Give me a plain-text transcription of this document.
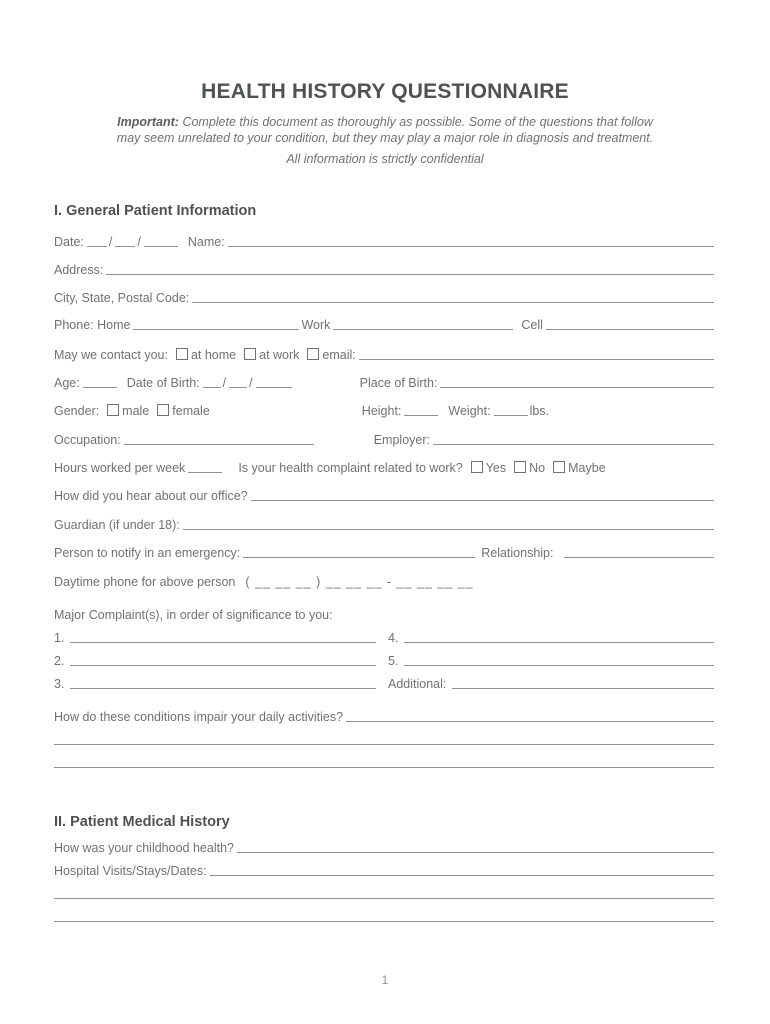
HEALTH HISTORY QUESTIONNAIRE
Important: Complete this document as thoroughly as possible. Some of the questions that follow
may seem unrelated to your condition, but they may play a major role in diagnosis and treatment.
All information is strictly confidential
I. General Patient Information
Date: / /	Name:
Address:
City, State, Postal Code:
Phone: Home	Work	Cell
May we contact you: at home at work email:
Age:	Date of Birth: / /	Place of Birth:
Gender: male female	Height:	Weight:	lbs.
Occupation:	Employer:
Hours worked per week	Is your health complaint related to work? Yes No Maybe
How did you hear about our office?
Guardian (if under 18):
Person to notify in an emergency:	Relationship:
Daytime phone for above person ( __ __ __ ) __ __ __ - __ __ __ __
Major Complaint(s), in order of significance to you:
1.	4.
2.	5.
3.	Additional:
How do these conditions impair your daily activities?
II. Patient Medical History
How was your childhood health?
Hospital Visits/Stays/Dates:
1
